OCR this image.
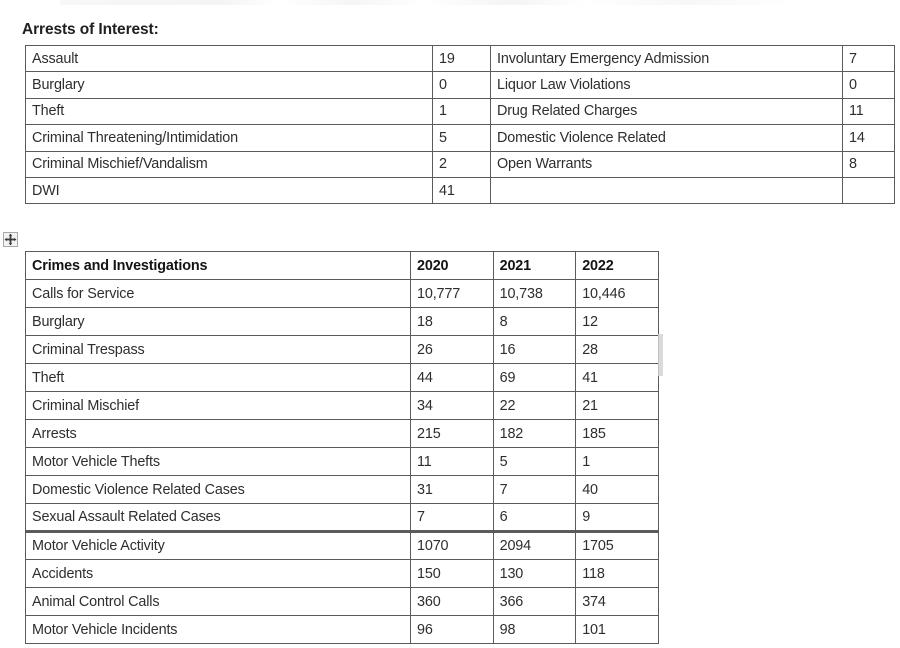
Arrests of Interest:
Assault	19	Involuntary Emergency Admission	7
Burglary	0	Liquor Law Violations	0
Theft	1	Drug Related Charges	11
Criminal Threatening/Intimidation	5	Domestic Violence Related	14
Criminal Mischief/Vandalism	2	Open Warrants	8
DWI	41		
Crimes and Investigations	2020	2021	2022
Calls for Service	10,777	10,738	10,446
Burglary	18	8	12
Criminal Trespass	26	16	28
Theft	44	69	41
Criminal Mischief	34	22	21
Arrests	215	182	185
Motor Vehicle Thefts	11	5	1
Domestic Violence Related Cases	31	7	40
Sexual Assault Related Cases	7	6	9
Motor Vehicle Activity	1070	2094	1705
Accidents	150	130	118
Animal Control Calls	360	366	374
Motor Vehicle Incidents	96	98	101
